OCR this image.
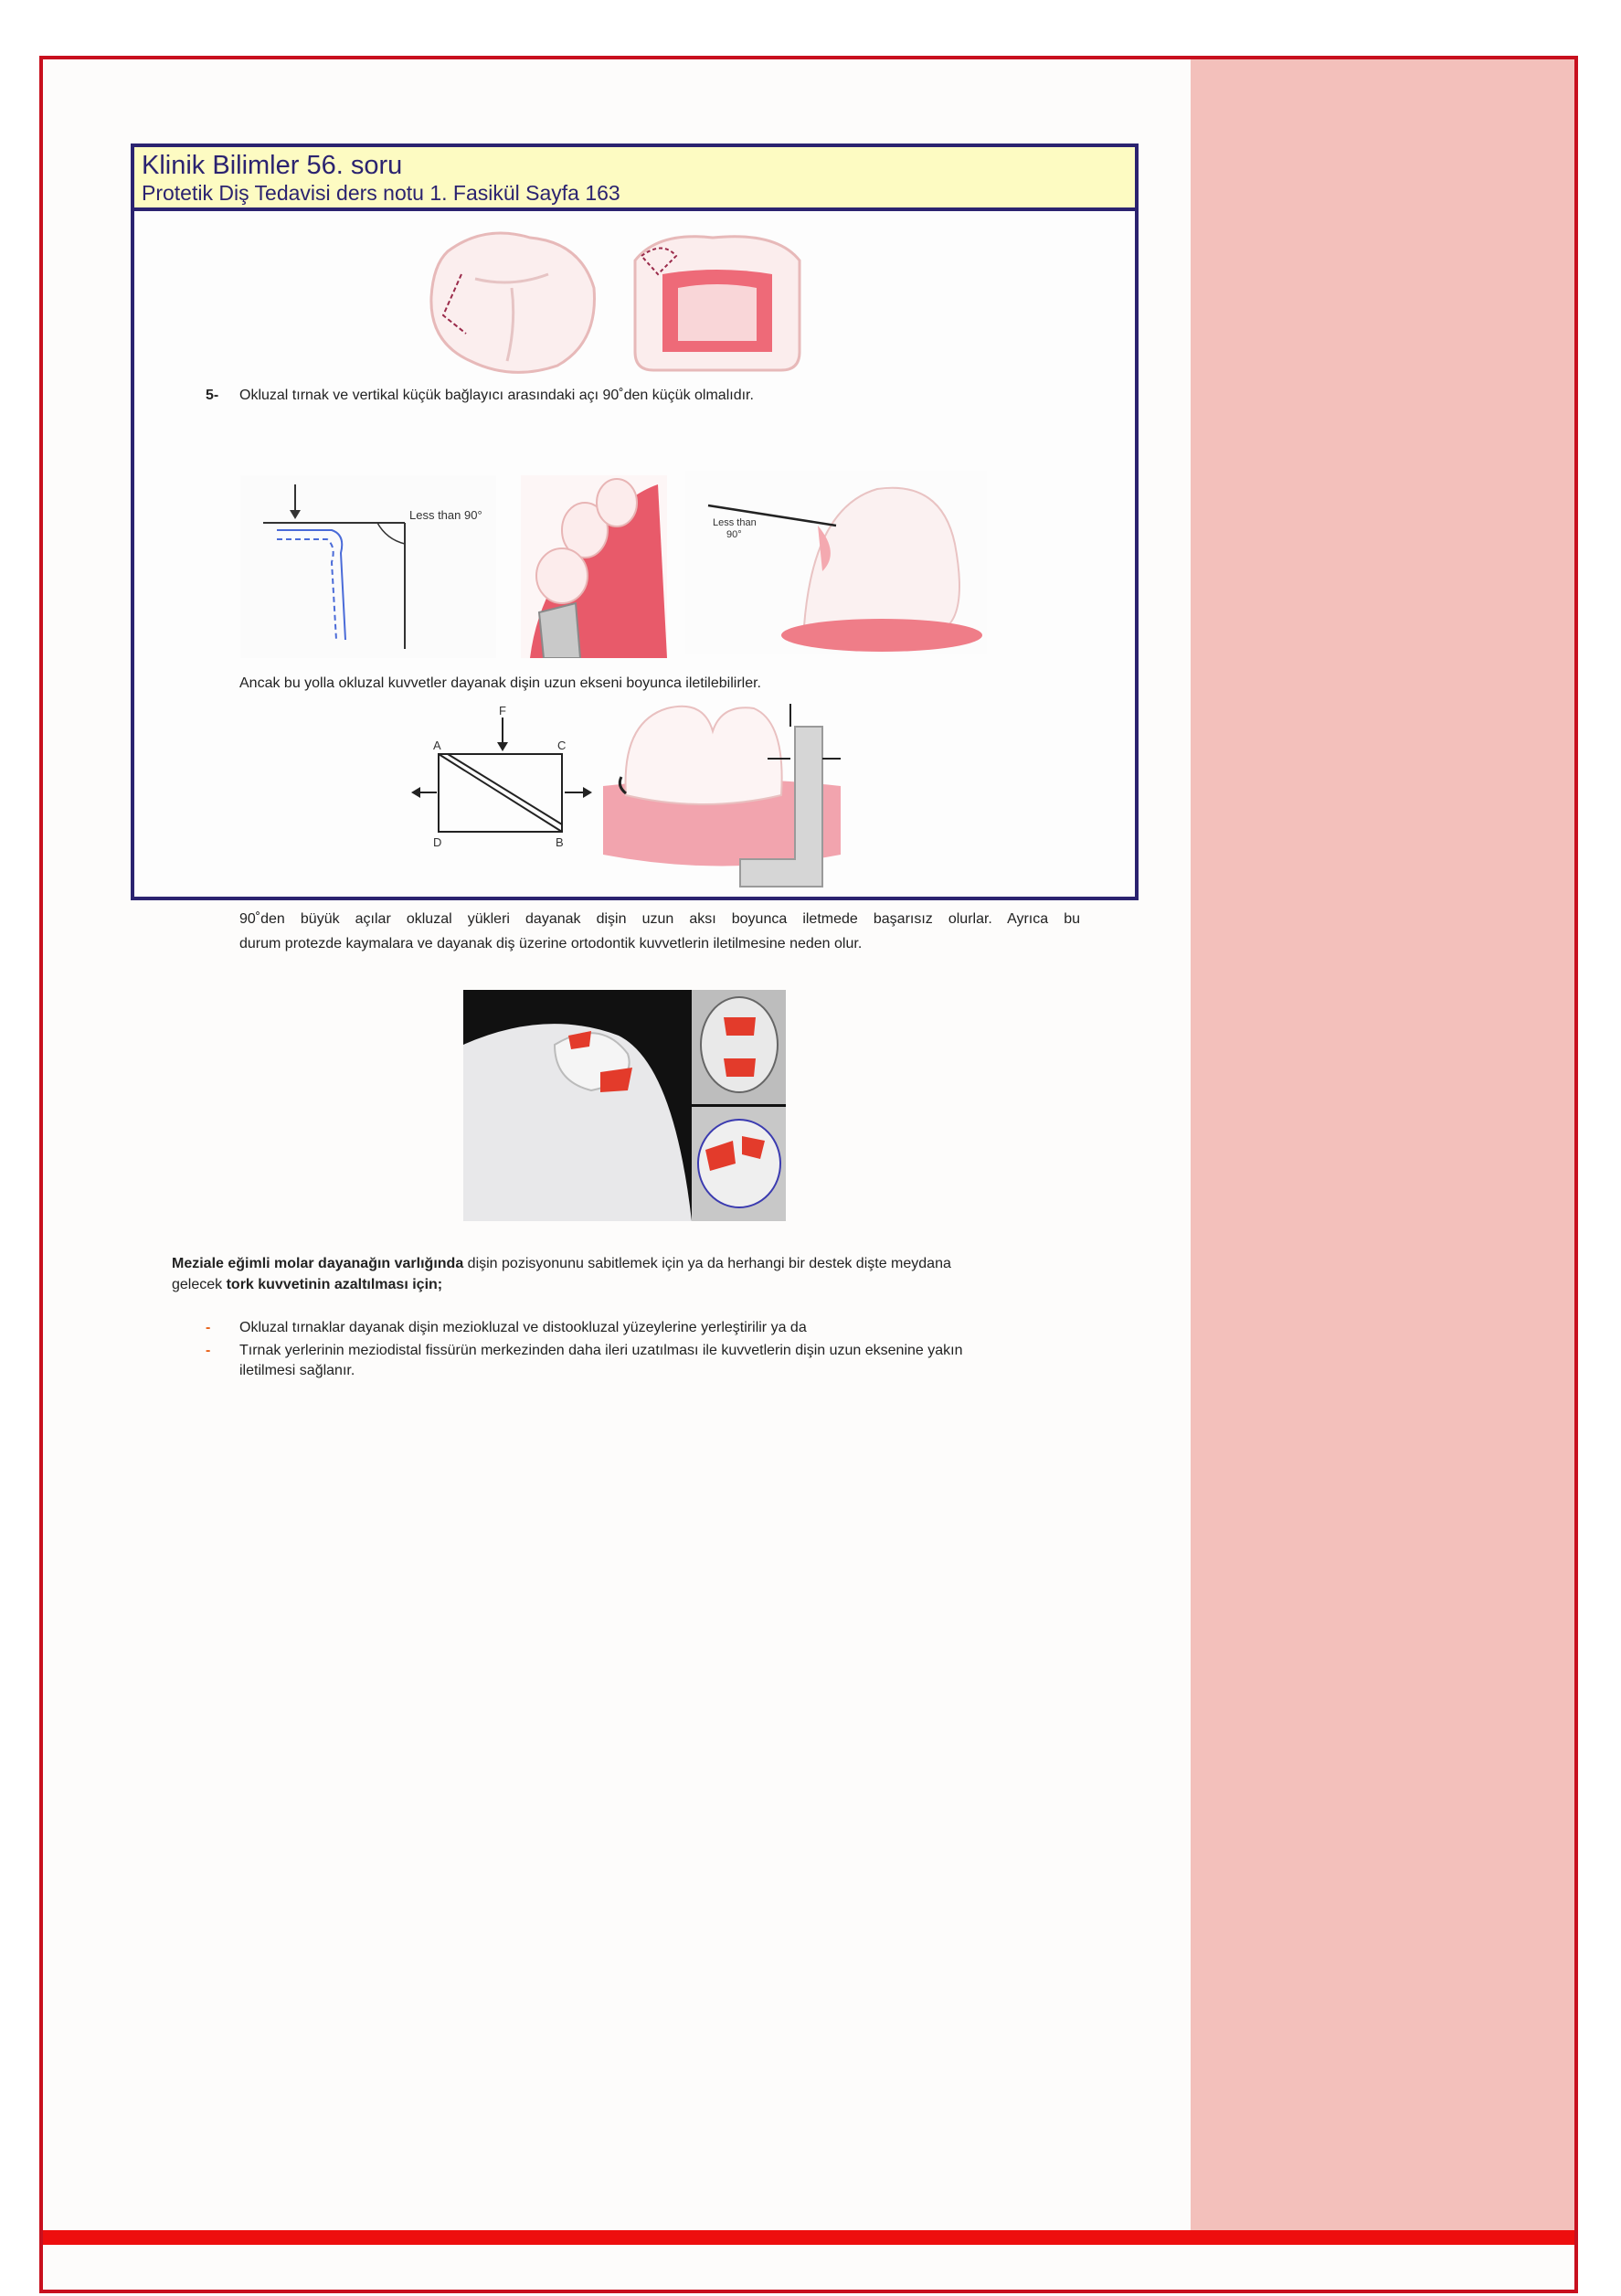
Klinik Bilimler 56. soru
Protetik Diş Tedavisi ders notu 1. Fasikül Sayfa 163
5- Okluzal tırnak ve vertikal küçük bağlayıcı arasındaki açı 90˚den küçük olmalıdır.
Less than 90°
Less than
90°
Ancak bu yolla okluzal kuvvetler dayanak dişin uzun ekseni boyunca iletilebilirler.
F
A	C
D	B
90˚den büyük açılar okluzal yükleri dayanak dişin uzun aksı boyunca iletmede başarısız olurlar. Ayrıca bu
durum protezde kaymalara ve dayanak diş üzerine ortodontik kuvvetlerin iletilmesine neden olur.
Meziale eğimli molar dayanağın varlığında dişin pozisyonunu sabitlemek için ya da herhangi bir destek dişte meydana
gelecek tork kuvvetinin azaltılması için;
- Okluzal tırnaklar dayanak dişin meziokluzal ve distookluzal yüzeylerine yerleştirilir ya da
- Tırnak yerlerinin meziodistal fissürün merkezinden daha ileri uzatılması ile kuvvetlerin dişin uzun eksenine yakın
iletilmesi sağlanır.
